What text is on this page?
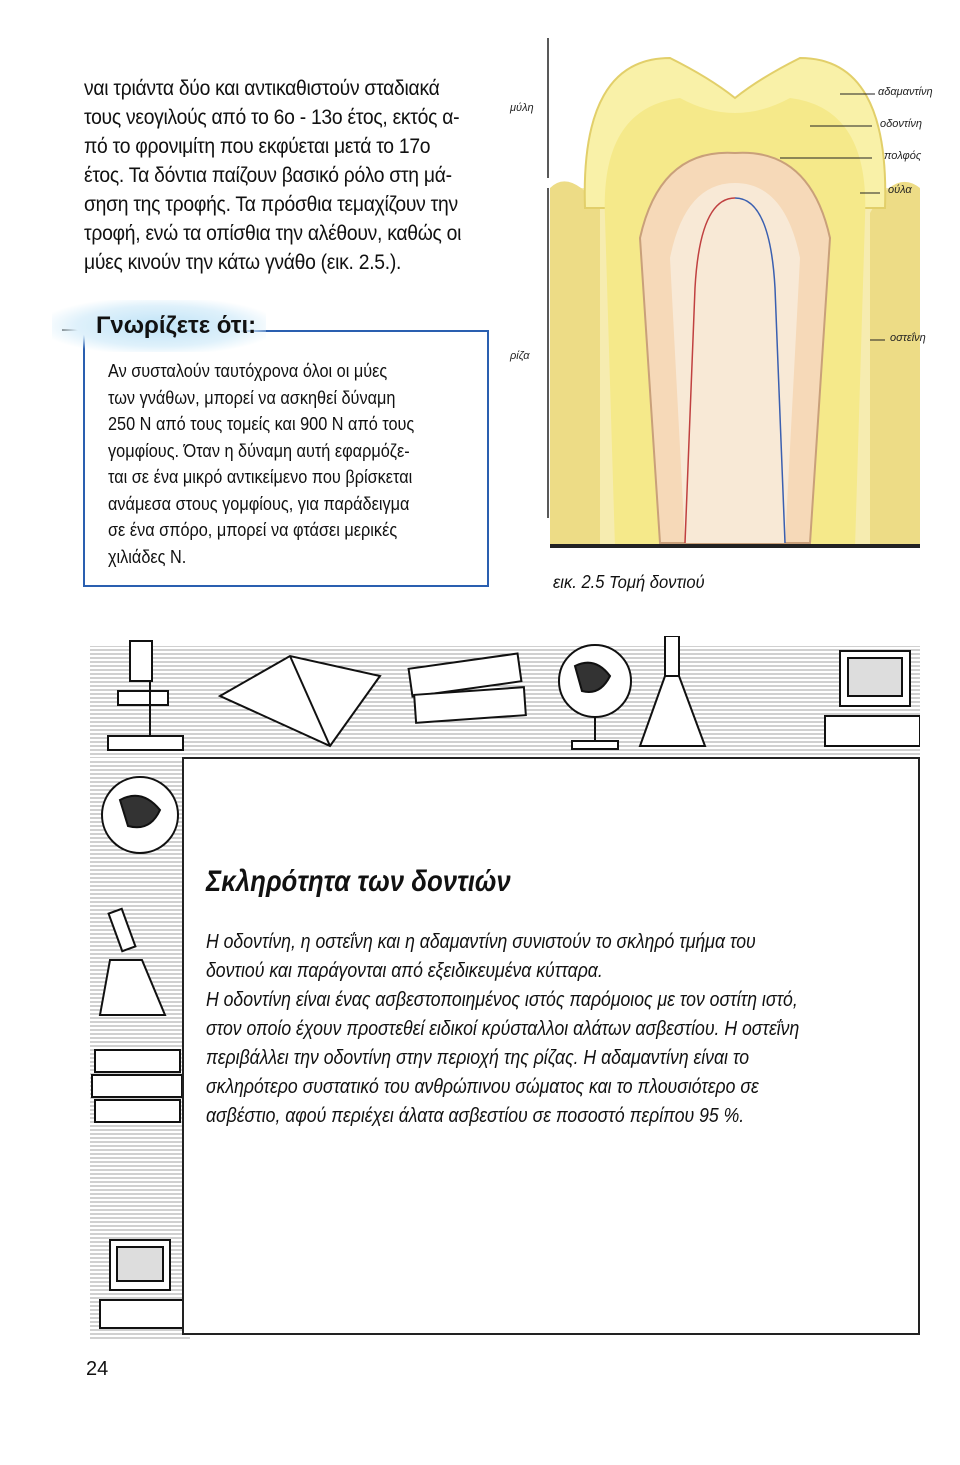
ναι τριάντα δύο και αντικαθιστούν σταδιακά

τους νεογιλούς από το 6ο - 13ο έτος, εκτός α-

πό το φρονιμίτη που εκφύεται μετά το 17ο

έτος. Τα δόντια παίζουν βασικό ρόλο στη μά-

σηση της τροφής. Τα πρόσθια τεμαχίζουν την

τροφή, ενώ τα οπίσθια την αλέθουν, καθώς οι

μύες κινούν την κάτω γνάθο (εικ. 2.5.).

Γνωρίζετε ότι:

Αν συσταλούν ταυτόχρονα όλοι οι μύες

των γνάθων, μπορεί να ασκηθεί δύναμη

250 Ν από τους τομείς και 900 Ν από τους

γομφίους. Όταν η δύναμη αυτή εφαρμόζε-

ται σε ένα μικρό αντικείμενο που βρίσκεται

ανάμεσα στους γομφίους, για παράδειγμα

σε ένα σπόρο, μπορεί να φτάσει μερικές

χιλιάδες Ν.

μύλη
ρίζα
αδαμαντίνη
οδοντίνη
πολφός
ούλα
οστεΐνη
εικ. 2.5 Τομή δοντιού
Σκληρότητα των δοντιών

Η οδοντίνη, η οστεΐνη και η αδαμαντίνη συνιστούν το σκληρό τμήμα του

δοντιού και παράγονται από εξειδικευμένα κύτταρα.

Η οδοντίνη είναι ένας ασβεστοποιημένος ιστός παρόμοιος με τον οστίτη ιστό,

στον οποίο έχουν προστεθεί ειδικοί κρύσταλλοι αλάτων ασβεστίου. Η οστεΐνη

περιβάλλει την οδοντίνη στην περιοχή της ρίζας. Η αδαμαντίνη είναι το

σκληρότερο συστατικό του ανθρώπινου σώματος και το πλουσιότερο σε

ασβέστιο, αφού περιέχει άλατα ασβεστίου σε ποσοστό περίπου 95 %.

24
